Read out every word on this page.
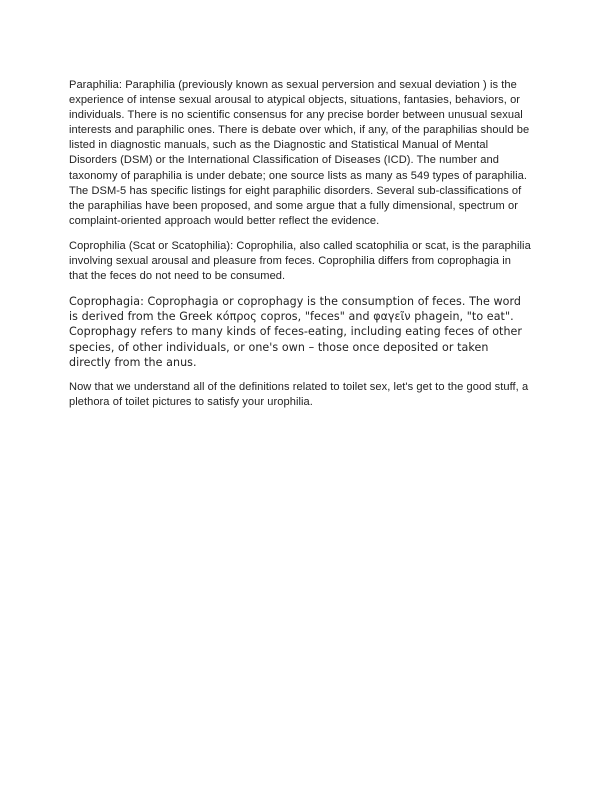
Paraphilia: Paraphilia (previously known as sexual perversion and sexual deviation ) is the experience of intense sexual arousal to atypical objects, situations, fantasies, behaviors, or individuals. There is no scientific consensus for any precise border between unusual sexual interests and paraphilic ones. There is debate over which, if any, of the paraphilias should be listed in diagnostic manuals, such as the Diagnostic and Statistical Manual of Mental Disorders (DSM) or the International Classification of Diseases (ICD). The number and taxonomy of paraphilia is under debate; one source lists as many as 549 types of paraphilia. The DSM-5 has specific listings for eight paraphilic disorders. Several sub-classifications of the paraphilias have been proposed, and some argue that a fully dimensional, spectrum or complaint-oriented approach would better reflect the evidence.

Coprophilia (Scat or Scatophilia): Coprophilia, also called scatophilia or scat, is the paraphilia involving sexual arousal and pleasure from feces. Coprophilia differs from coprophagia in that the feces do not need to be consumed.

Coprophagia: Coprophagia or coprophagy is the consumption of feces. The word is derived from the Greek κόπρος copros, "feces" and φαγεῖν phagein, "to eat". Coprophagy refers to many kinds of feces-eating, including eating feces of other species, of other individuals, or one's own – those once deposited or taken directly from the anus.

Now that we understand all of the definitions related to toilet sex, let's get to the good stuff, a plethora of toilet pictures to satisfy your urophilia.
